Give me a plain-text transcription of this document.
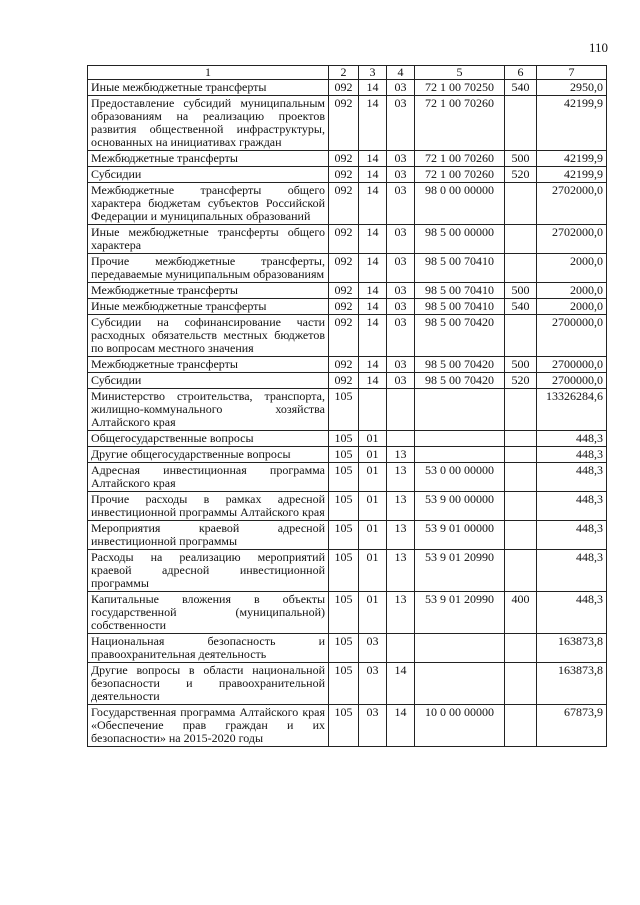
110
1	2	3	4	5	6	7
Иные межбюджетные трансферты	092	14	03	72 1 00 70250	540	2950,0
Предоставление субсидий муниципальным образованиям на реализацию проектов развития общественной инфраструктуры, основанных на инициативах граждан	092	14	03	72 1 00 70260		42199,9
Межбюджетные трансферты	092	14	03	72 1 00 70260	500	42199,9
Субсидии	092	14	03	72 1 00 70260	520	42199,9
Межбюджетные трансферты общего характера бюджетам субъектов Российской Федерации и муниципальных образований	092	14	03	98 0 00 00000		2702000,0
Иные межбюджетные трансферты общего характера	092	14	03	98 5 00 00000		2702000,0
Прочие межбюджетные трансферты, передаваемые муниципальным образованиям	092	14	03	98 5 00 70410		2000,0
Межбюджетные трансферты	092	14	03	98 5 00 70410	500	2000,0
Иные межбюджетные трансферты	092	14	03	98 5 00 70410	540	2000,0
Субсидии на софинансирование части расходных обязательств местных бюджетов по вопросам местного значения	092	14	03	98 5 00 70420		2700000,0
Межбюджетные трансферты	092	14	03	98 5 00 70420	500	2700000,0
Субсидии	092	14	03	98 5 00 70420	520	2700000,0
Министерство строительства, транспорта, жилищно-коммунального хозяйства Алтайского края	105					13326284,6
Общегосударственные вопросы	105	01				448,3
Другие общегосударственные вопросы	105	01	13			448,3
Адресная инвестиционная программа Алтайского края	105	01	13	53 0 00 00000		448,3
Прочие расходы в рамках адресной инвестиционной программы Алтайского края	105	01	13	53 9 00 00000		448,3
Мероприятия краевой адресной инвестиционной программы	105	01	13	53 9 01 00000		448,3
Расходы на реализацию мероприятий краевой адресной инвестиционной программы	105	01	13	53 9 01 20990		448,3
Капитальные вложения в объекты государственной (муниципальной) собственности	105	01	13	53 9 01 20990	400	448,3
Национальная безопасность и правоохранительная деятельность	105	03				163873,8
Другие вопросы в области национальной безопасности и правоохранительной деятельности	105	03	14			163873,8
Государственная программа Алтайского края «Обеспечение прав граждан и их безопасности» на 2015-2020 годы	105	03	14	10 0 00 00000		67873,9
